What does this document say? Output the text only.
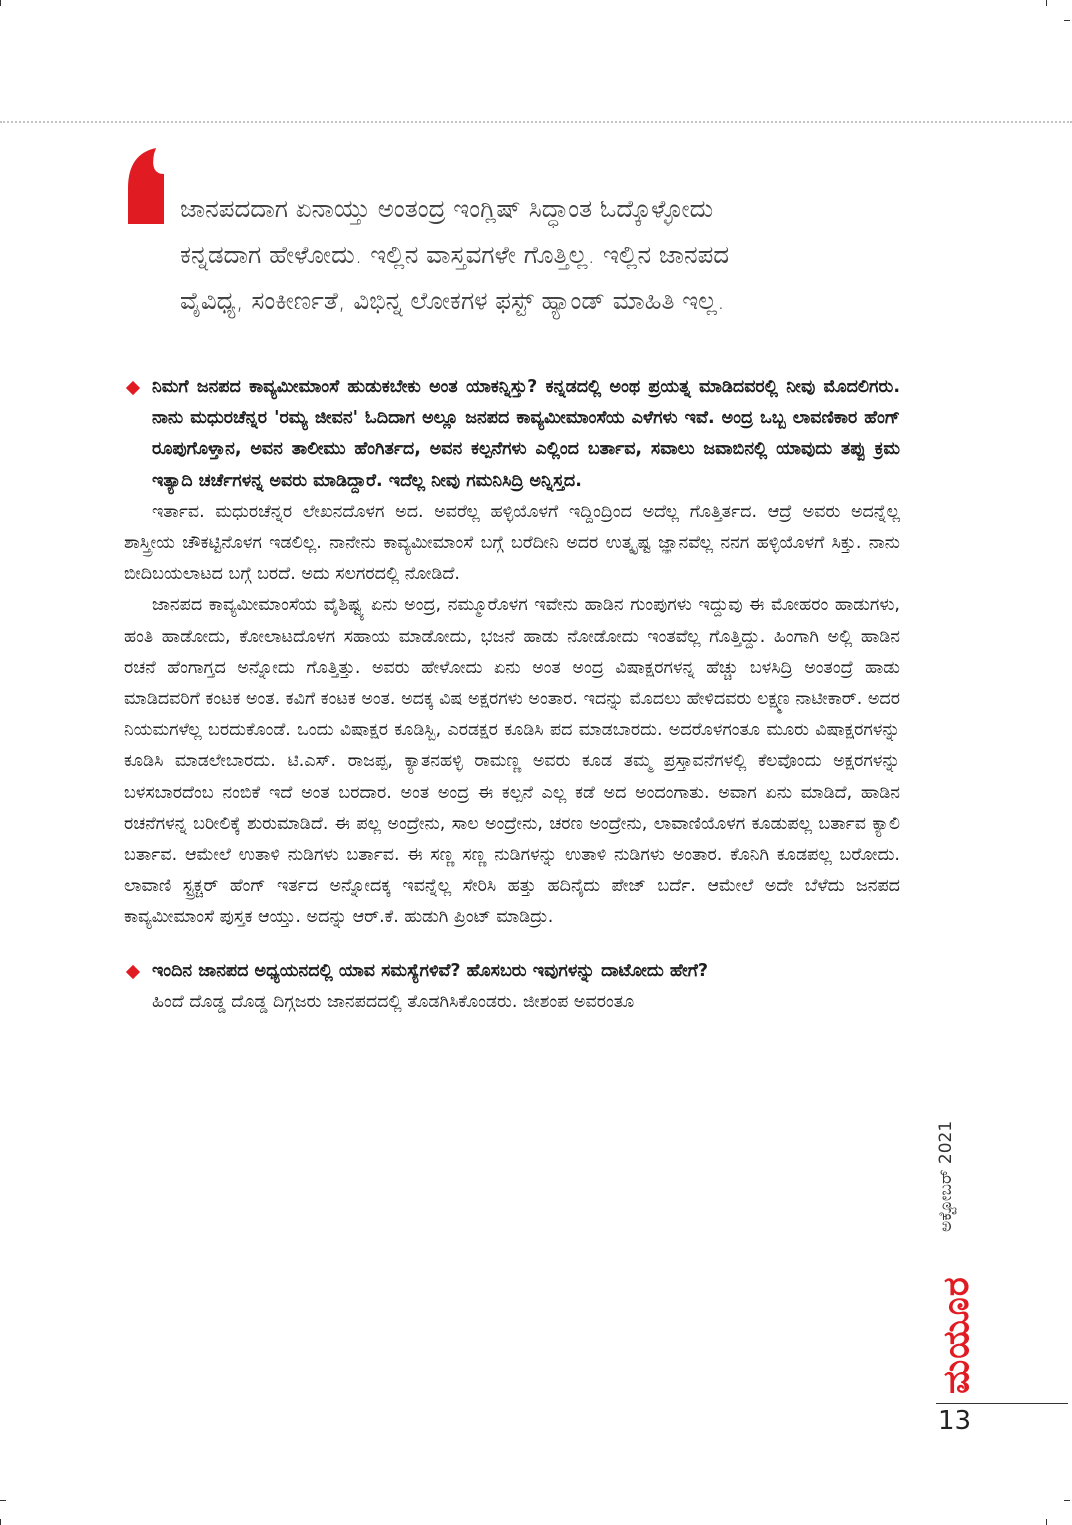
ಜಾನಪದದಾಗ ಏನಾಯ್ತು ಅಂತಂದ್ರ ಇಂಗ್ಲಿಷ್ ಸಿದ್ಧಾಂತ ಓದ್ಕೊಳ್ಳೋದು

ಕನ್ನಡದಾಗ ಹೇಳೋದು. ಇಲ್ಲಿನ ವಾಸ್ತವಗಳೇ ಗೊತ್ತಿಲ್ಲ. ಇಲ್ಲಿನ ಜಾನಪದ

ವೈವಿಧ್ಯ, ಸಂಕೀರ್ಣತೆ, ವಿಭಿನ್ನ ಲೋಕಗಳ ಫಸ್ಟ್ ಹ್ಯಾಂಡ್ ಮಾಹಿತಿ ಇಲ್ಲ.

ನಿಮಗೆ ಜನಪದ ಕಾವ್ಯಮೀಮಾಂಸೆ ಹುಡುಕಬೇಕು ಅಂತ ಯಾಕನ್ನಿಸ್ತು? ಕನ್ನಡದಲ್ಲಿ ಅಂಥ ಪ್ರಯತ್ನ ಮಾಡಿದವರಲ್ಲಿ ನೀವು ಮೊದಲಿಗರು. ನಾನು ಮಧುರಚೆನ್ನರ 'ರಮ್ಯ ಜೀವನ' ಓದಿದಾಗ ಅಲ್ಲೂ ಜನಪದ ಕಾವ್ಯಮೀಮಾಂಸೆಯ ಎಳೆಗಳು ಇವೆ. ಅಂದ್ರ ಒಬ್ಬ ಲಾವಣಿಕಾರ ಹೆಂಗ್ ರೂಪುಗೊಳ್ತಾನ, ಅವನ ತಾಲೀಮು ಹೆಂಗಿರ್ತದ, ಅವನ ಕಲ್ಪನೆಗಳು ಎಲ್ಲಿಂದ ಬರ್ತಾವ, ಸವಾಲು ಜವಾಬಿನಲ್ಲಿ ಯಾವುದು ತಪ್ಪು ಕ್ರಮ ಇತ್ಯಾದಿ ಚರ್ಚೆಗಳನ್ನ ಅವರು ಮಾಡಿದ್ದಾರೆ. ಇದೆಲ್ಲ ನೀವು ಗಮನಿಸಿದ್ರಿ ಅನ್ನಿಸ್ತದ.

ಇರ್ತಾವ. ಮಧುರಚೆನ್ನರ ಲೇಖನದೊಳಗ ಅದ. ಅವರೆಲ್ಲ ಹಳ್ಳಿಯೊಳಗೆ ಇದ್ದಿಂದ್ರಿಂದ ಅದೆಲ್ಲ ಗೊತ್ತಿರ್ತದ. ಆದ್ರೆ ಅವರು ಅದನ್ನೆಲ್ಲ ಶಾಸ್ತ್ರೀಯ ಚೌಕಟ್ಟಿನೊಳಗ ಇಡಲಿಲ್ಲ. ನಾನೇನು ಕಾವ್ಯಮೀಮಾಂಸೆ ಬಗ್ಗೆ ಬರೆದೀನಿ ಅದರ ಉತ್ಕೃಷ್ಟ ಜ್ಞಾನವೆಲ್ಲ ನನಗ ಹಳ್ಳಿಯೊಳಗೆ ಸಿಕ್ತು. ನಾನು ಬೀದಿಬಯಲಾಟದ ಬಗ್ಗೆ ಬರದೆ. ಅದು ಸಲಗರದಲ್ಲಿ ನೋಡಿದೆ.

ಜಾನಪದ ಕಾವ್ಯಮೀಮಾಂಸೆಯ ವೈಶಿಷ್ಟ್ಯ ಏನು ಅಂದ್ರ, ನಮ್ಮೂರೊಳಗ ಇವೇನು ಹಾಡಿನ ಗುಂಪುಗಳು ಇದ್ದುವು ಈ ಮೋಹರಂ ಹಾಡುಗಳು, ಹಂತಿ ಹಾಡೋದು, ಕೋಲಾಟದೊಳಗ ಸಹಾಯ ಮಾಡೋದು, ಭಜನೆ ಹಾಡು ನೋಡೋದು ಇಂತವೆಲ್ಲ ಗೊತ್ತಿದ್ದು. ಹಿಂಗಾಗಿ ಅಲ್ಲಿ ಹಾಡಿನ ರಚನೆ ಹೆಂಗಾಗ್ತದ ಅನ್ನೋದು ಗೊತ್ತಿತ್ತು. ಅವರು ಹೇಳೋದು ಏನು ಅಂತ ಅಂದ್ರ ವಿಷಾಕ್ಷರಗಳನ್ನ ಹೆಚ್ಚು ಬಳಸಿದ್ರಿ ಅಂತಂದ್ರೆ ಹಾಡು ಮಾಡಿದವರಿಗೆ ಕಂಟಕ ಅಂತ. ಕವಿಗೆ ಕಂಟಕ ಅಂತ. ಅದಕ್ಕ ವಿಷ ಅಕ್ಷರಗಳು ಅಂತಾರ. ಇದನ್ನು ಮೊದಲು ಹೇಳಿದವರು ಲಕ್ಷ್ಮಣ ನಾಟೀಕಾರ್. ಅದರ ನಿಯಮಗಳೆಲ್ಲ ಬರದುಕೊಂಡೆ. ಒಂದು ವಿಷಾಕ್ಷರ ಕೂಡಿಸ್ಬಿ, ಎರಡಕ್ಷರ ಕೂಡಿಸಿ ಪದ ಮಾಡಬಾರದು. ಅದರೊಳಗಂತೂ ಮೂರು ವಿಷಾಕ್ಷರಗಳನ್ನು ಕೂಡಿಸಿ ಮಾಡಲೇಬಾರದು. ಟಿ.ಎಸ್. ರಾಜಪ್ಪ, ಕ್ಯಾತನಹಳ್ಳಿ ರಾಮಣ್ಣ ಅವರು ಕೂಡ ತಮ್ಮ ಪ್ರಸ್ತಾವನೆಗಳಲ್ಲಿ ಕೆಲವೊಂದು ಅಕ್ಷರಗಳನ್ನು ಬಳಸಬಾರದೆಂಬ ನಂಬಿಕೆ ಇದೆ ಅಂತ ಬರದಾರ. ಅಂತ ಅಂದ್ರ ಈ ಕಲ್ಪನೆ ಎಲ್ಲ ಕಡೆ ಅದ ಅಂದಂಗಾತು. ಅವಾಗ ಏನು ಮಾಡಿದೆ, ಹಾಡಿನ ರಚನೆಗಳನ್ನ ಬರೀಲಿಕ್ಕೆ ಶುರುಮಾಡಿದೆ. ಈ ಪಲ್ಲ ಅಂದ್ರೇನು, ಸಾಲ ಅಂದ್ರೇನು, ಚರಣ ಅಂದ್ರೇನು, ಲಾವಾಣಿಯೊಳಗ ಕೂಡುಪಲ್ಲ ಬರ್ತಾವ ಕ್ಯಾಲಿ ಬರ್ತಾವ. ಆಮೇಲೆ ಉತಾಳಿ ನುಡಿಗಳು ಬರ್ತಾವ. ಈ ಸಣ್ಣ ಸಣ್ಣ ನುಡಿಗಳನ್ನು ಉತಾಳಿ ನುಡಿಗಳು ಅಂತಾರ. ಕೊನಿಗಿ ಕೂಡಪಲ್ಲ ಬರೋದು. ಲಾವಾಣಿ ಸ್ಟ್ರಕ್ಚರ್ ಹೆಂಗ್ ಇರ್ತದ ಅನ್ನೋದಕ್ಕ ಇವನ್ನೆಲ್ಲ ಸೇರಿಸಿ ಹತ್ತು ಹದಿನೈದು ಪೇಜ್ ಬರ್ದೆ. ಆಮೇಲೆ ಅದೇ ಬೆಳೆದು ಜನಪದ ಕಾವ್ಯಮೀಮಾಂಸೆ ಪುಸ್ತಕ ಆಯ್ತು. ಅದನ್ನು ಆರ್.ಕೆ. ಹುಡುಗಿ ಪ್ರಿಂಟ್ ಮಾಡಿದ್ರು.

ಇಂದಿನ ಜಾನಪದ ಅಧ್ಯಯನದಲ್ಲಿ ಯಾವ ಸಮಸ್ಯೆಗಳಿವೆ? ಹೊಸಬರು ಇವುಗಳನ್ನು ದಾಟೋದು ಹೇಗೆ?

ಹಿಂದೆ ದೊಡ್ಡ ದೊಡ್ಡ ದಿಗ್ಗಜರು ಜಾನಪದದಲ್ಲಿ ತೊಡಗಿಸಿಕೊಂಡರು. ಜೀಶಂಪ ಅವರಂತೂ

ಅಕ್ಟೋಬರ್ 2021
ಮಯೂರ
13
